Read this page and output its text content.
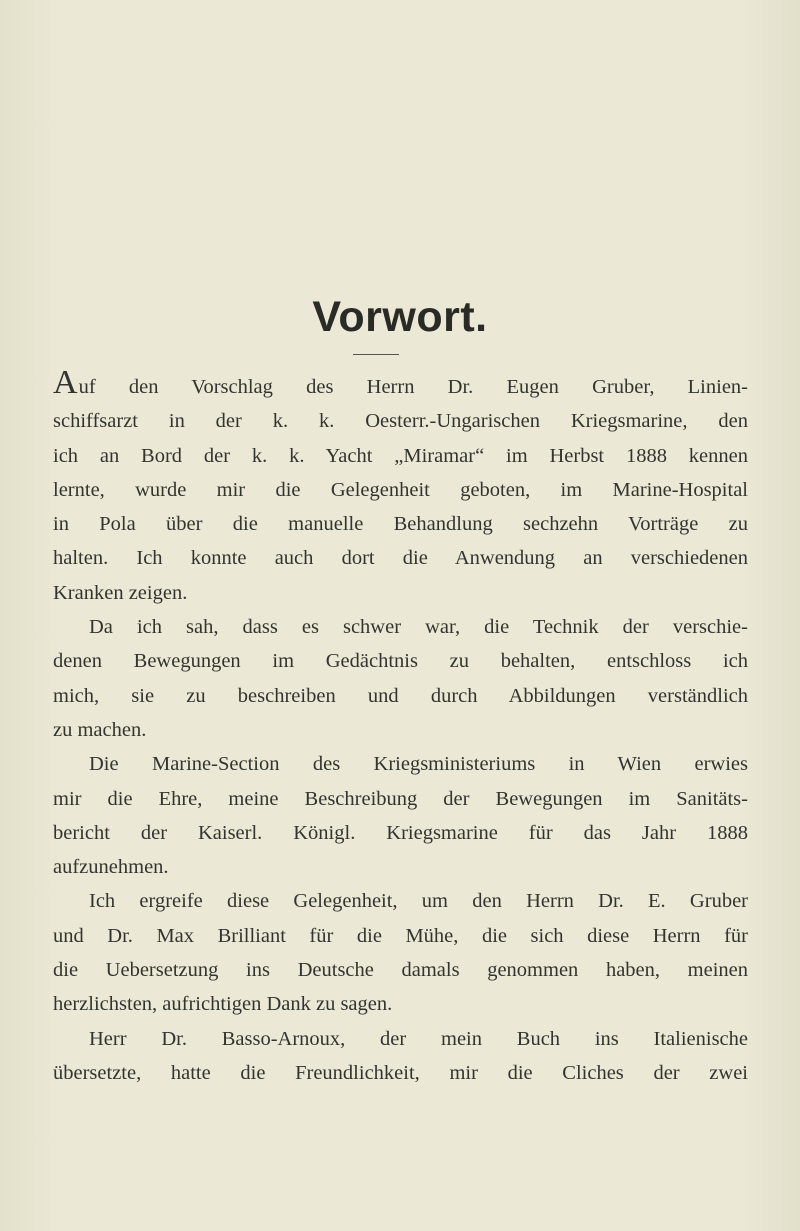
Vorwort.
Auf den Vorschlag des Herrn Dr. Eugen Gruber, Linien-
schiffsarzt in der k. k. Oesterr.-Ungarischen Kriegsmarine, den
ich an Bord der k. k. Yacht „Miramar“ im Herbst 1888 kennen
lernte, wurde mir die Gelegenheit geboten, im Marine-Hospital
in Pola über die manuelle Behandlung sechzehn Vorträge zu
halten. Ich konnte auch dort die Anwendung an verschiedenen
Kranken zeigen.
Da ich sah, dass es schwer war, die Technik der verschie-
denen Bewegungen im Gedächtnis zu behalten, entschloss ich
mich, sie zu beschreiben und durch Abbildungen verständlich
zu machen.
Die Marine-Section des Kriegsministeriums in Wien erwies
mir die Ehre, meine Beschreibung der Bewegungen im Sanitäts-
bericht der Kaiserl. Königl. Kriegsmarine für das Jahr 1888
aufzunehmen.
Ich ergreife diese Gelegenheit, um den Herrn Dr. E. Gruber
und Dr. Max Brilliant für die Mühe, die sich diese Herrn für
die Uebersetzung ins Deutsche damals genommen haben, meinen
herzlichsten, aufrichtigen Dank zu sagen.
Herr Dr. Basso-Arnoux, der mein Buch ins Italienische
übersetzte, hatte die Freundlichkeit, mir die Cliches der zwei
